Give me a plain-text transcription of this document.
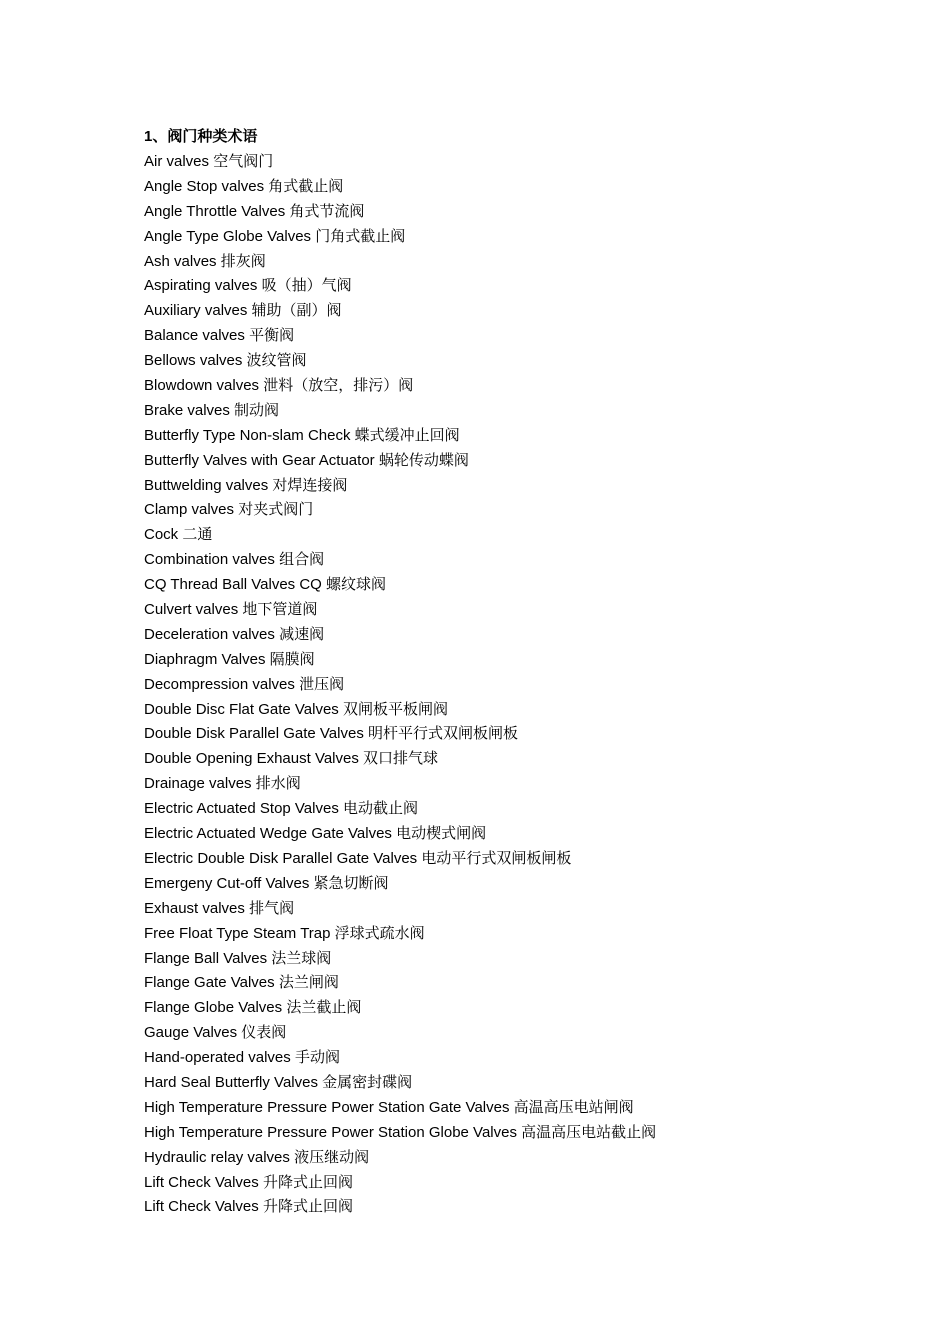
1、阀门种类术语
Air valves 空气阀门
Angle Stop valves 角式截止阀
Angle Throttle Valves 角式节流阀
Angle Type Globe Valves 门角式截止阀
Ash valves 排灰阀
Aspirating valves 吸（抽）气阀
Auxiliary valves 辅助（副）阀
Balance valves 平衡阀
Bellows valves 波纹管阀
Blowdown valves 泄料（放空，排污）阀
Brake valves 制动阀
Butterfly Type Non-slam Check 蝶式缓冲止回阀
Butterfly Valves with Gear Actuator 蜗轮传动蝶阀
Buttwelding valves 对焊连接阀
Clamp valves 对夹式阀门
Cock 二通
Combination valves 组合阀
CQ Thread Ball Valves CQ 螺纹球阀
Culvert valves 地下管道阀
Deceleration valves 减速阀
Diaphragm Valves 隔膜阀
Decompression valves 泄压阀
Double Disc Flat Gate Valves 双闸板平板闸阀
Double Disk Parallel Gate Valves 明杆平行式双闸板闸板
Double Opening Exhaust Valves 双口排气球
Drainage valves 排水阀
Electric Actuated Stop Valves 电动截止阀
Electric Actuated Wedge Gate Valves 电动楔式闸阀
Electric Double Disk Parallel Gate Valves 电动平行式双闸板闸板
Emergeny Cut-off Valves 紧急切断阀
Exhaust valves 排气阀
Free Float Type Steam Trap 浮球式疏水阀
Flange Ball Valves 法兰球阀
Flange Gate Valves 法兰闸阀
Flange Globe Valves 法兰截止阀
Gauge Valves 仪表阀
Hand-operated valves 手动阀
Hard Seal Butterfly Valves 金属密封碟阀
High Temperature Pressure Power Station Gate Valves 高温高压电站闸阀
High Temperature Pressure Power Station Globe Valves 高温高压电站截止阀
Hydraulic relay valves 液压继动阀
Lift Check Valves 升降式止回阀
Lift Check Valves 升降式止回阀
